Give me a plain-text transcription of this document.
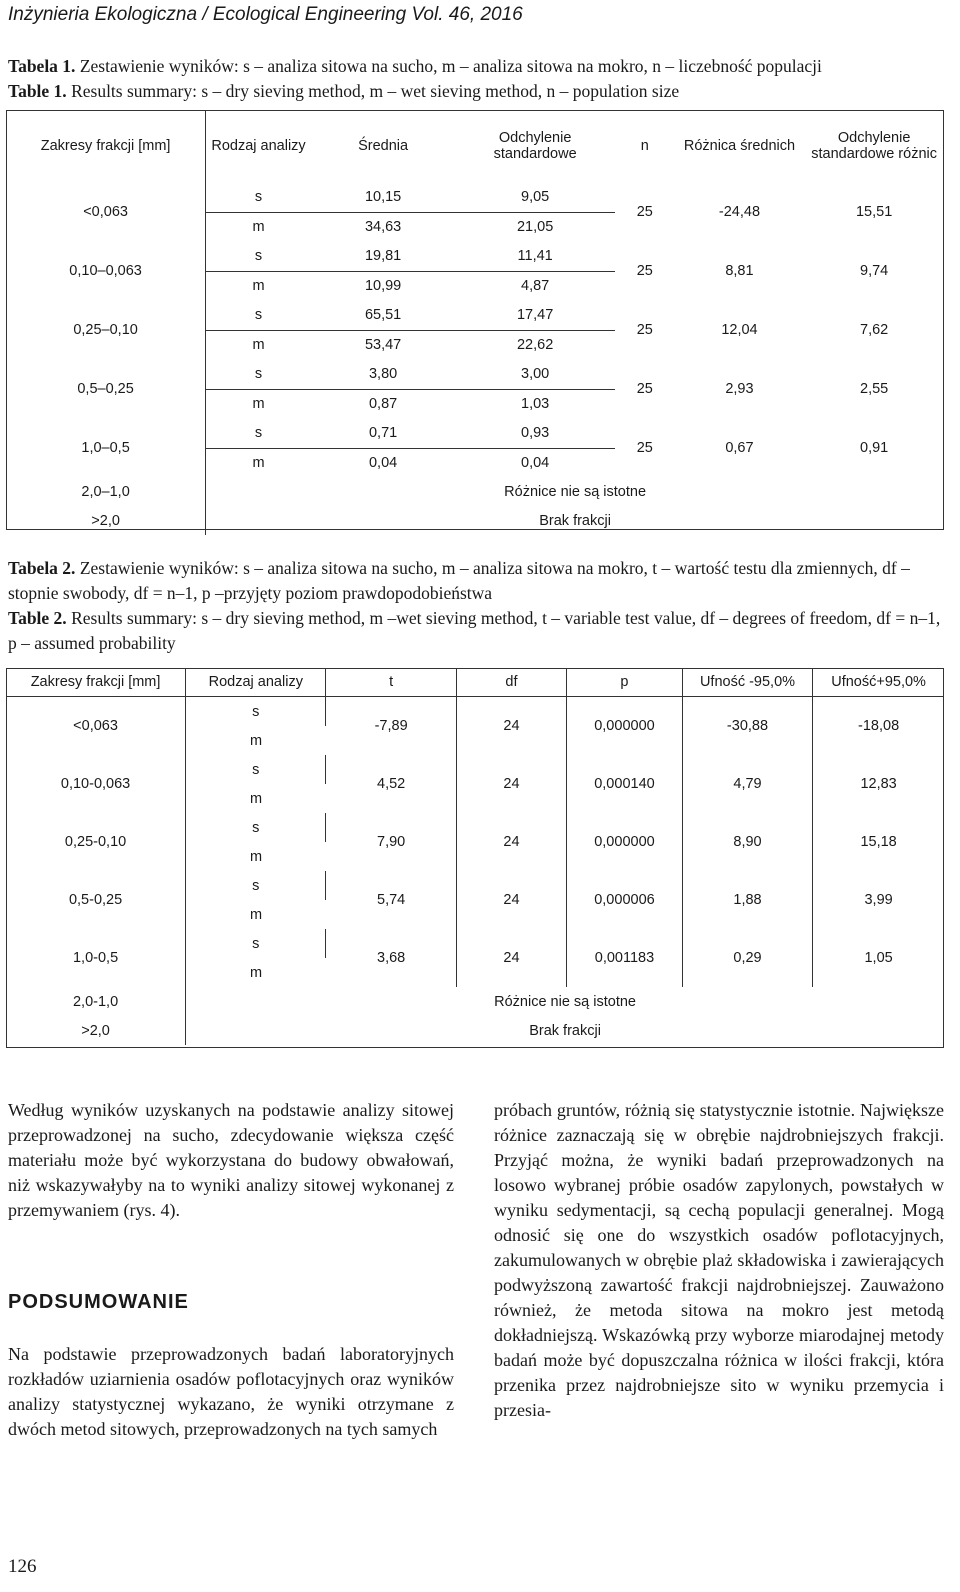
Inżynieria Ekologiczna / Ecological Engineering Vol. 46, 2016
Tabela 1. Zestawienie wyników: s – analiza sitowa na sucho, m – analiza sitowa na mokro, n – liczebność populacji
Table 1. Results summary: s – dry sieving method, m – wet sieving method, n – population size
Zakresy frakcji [mm]	Rodzaj analizy	Średnia	Odchylenie standardowe	n	Różnica średnich	Odchylenie standardowe różnic
<0,063	s	10,15	9,05	25	-24,48	15,51
	m	34,63	21,05			
0,10–0,063	s	19,81	11,41	25	8,81	9,74
	m	10,99	4,87			
0,25–0,10	s	65,51	17,47	25	12,04	7,62
	m	53,47	22,62			
0,5–0,25	s	3,80	3,00	25	2,93	2,55
	m	0,87	1,03			
1,0–0,5	s	0,71	0,93	25	0,67	0,91
	m	0,04	0,04			
2,0–1,0	Różnice nie są istotne					
>2,0	Brak frakcji					
Tabela 2. Zestawienie wyników: s – analiza sitowa na sucho, m – analiza sitowa na mokro, t – wartość testu dla zmiennych, df – stopnie swobody, df = n–1, p –przyjęty poziom prawdopodobieństwa
Table 2. Results summary: s – dry sieving method, m –wet sieving method, t – variable test value, df – degrees of freedom, df = n–1, p – assumed probability
Zakresy frakcji [mm]	Rodzaj analizy	t	df	p	Ufność -95,0%	Ufność+95,0%
<0,063	s	-7,89	24	0,000000	-30,88	-18,08
	m					
0,10-0,063	s	4,52	24	0,000140	4,79	12,83
	m					
0,25-0,10	s	7,90	24	0,000000	8,90	15,18
	m					
0,5-0,25	s	5,74	24	0,000006	1,88	3,99
	m					
1,0-0,5	s	3,68	24	0,001183	0,29	1,05
	m					
2,0-1,0	Różnice nie są istotne					
>2,0	Brak frakcji					
Według wyników uzyskanych na podstawie analizy sitowej przeprowadzonej na sucho, zdecydowanie większa część materiału może być wykorzystana do budowy obwałowań, niż wskazywałyby na to wyniki analizy sitowej wykonanej z przemywaniem (rys. 4).
PODSUMOWANIE
Na podstawie przeprowadzonych badań laboratoryjnych rozkładów uziarnienia osadów poflotacyjnych oraz wyników analizy statystycznej wykazano, że wyniki otrzymane z dwóch metod sitowych, przeprowadzonych na tych samych
próbach gruntów, różnią się statystycznie istotnie. Największe różnice zaznaczają się w obrębie najdrobniejszych frakcji. Przyjąć można, że wyniki badań przeprowadzonych na losowo wybranej próbie osadów zapylonych, powstałych w wyniku sedymentacji, są cechą populacji generalnej. Mogą odnosić się one do wszystkich osadów poflotacyjnych, zakumulowanych w obrębie plaż składowiska i zawierających podwyższoną zawartość frakcji najdrobniejszej. Zauważono również, że metoda sitowa na mokro jest metodą dokładniejszą. Wskazówką przy wyborze miarodajnej metody badań może być dopuszczalna różnica w ilości frakcji, która przenika przez najdrobniejsze sito w wyniku przemycia i przesia-
126
